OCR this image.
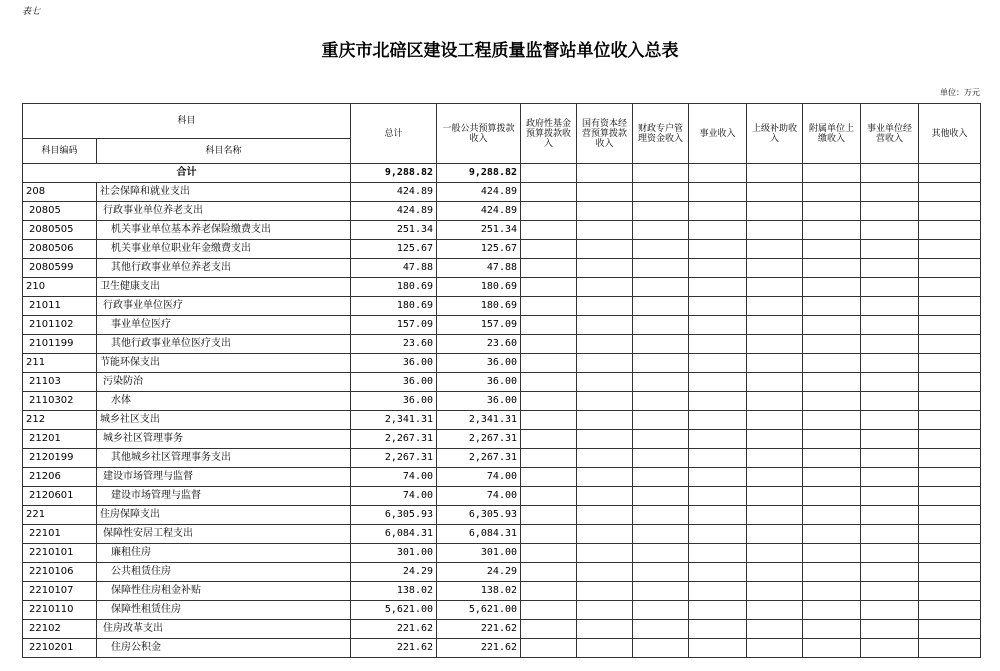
表七
重庆市北碚区建设工程质量监督站单位收入总表
单位：万元
科目		总计	一般公共预算拨款收入	政府性基金预算拨款收入	国有资本经营预算拨款收入	财政专户管理资金收入	事业收入	上级补助收入	附属单位上缴收入	事业单位经营收入	其他收入
科目编码	科目名称										
合计		9,288.82	9,288.82								
208	社会保障和就业支出	424.89	424.89								
20805	行政事业单位养老支出	424.89	424.89								
2080505	机关事业单位基本养老保险缴费支出	251.34	251.34								
2080506	机关事业单位职业年金缴费支出	125.67	125.67								
2080599	其他行政事业单位养老支出	47.88	47.88								
210	卫生健康支出	180.69	180.69								
21011	行政事业单位医疗	180.69	180.69								
2101102	事业单位医疗	157.09	157.09								
2101199	其他行政事业单位医疗支出	23.60	23.60								
211	节能环保支出	36.00	36.00								
21103	污染防治	36.00	36.00								
2110302	水体	36.00	36.00								
212	城乡社区支出	2,341.31	2,341.31								
21201	城乡社区管理事务	2,267.31	2,267.31								
2120199	其他城乡社区管理事务支出	2,267.31	2,267.31								
21206	建设市场管理与监督	74.00	74.00								
2120601	建设市场管理与监督	74.00	74.00								
221	住房保障支出	6,305.93	6,305.93								
22101	保障性安居工程支出	6,084.31	6,084.31								
2210101	廉租住房	301.00	301.00								
2210106	公共租赁住房	24.29	24.29								
2210107	保障性住房租金补贴	138.02	138.02								
2210110	保障性租赁住房	5,621.00	5,621.00								
22102	住房改革支出	221.62	221.62								
2210201	住房公积金	221.62	221.62								
